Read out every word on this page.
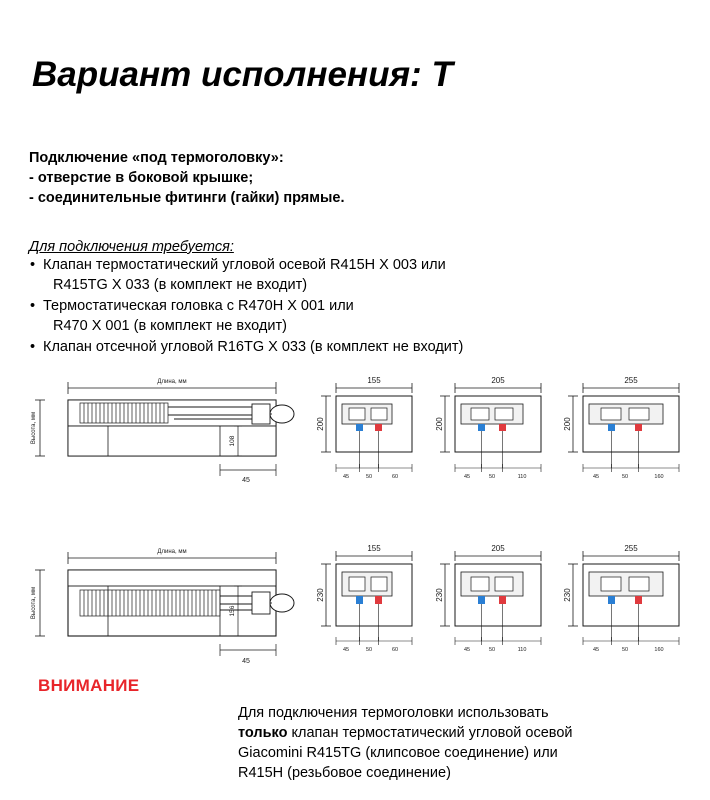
Вариант исполнения: Т
Подключение «под термоголовку»:
- отверстие в боковой крышке;
- соединительные фитинги (гайки) прямые.
Для подключения требуется:
• Клапан термостатический угловой осевой R415H Х 003 или
R415TG Х 033 (в комплект не входит)
• Термостатическая головка с R470H Х 001 или
R470 Х 001 (в комплект не входит)
• Клапан отсечной угловой R16TG Х 033 (в комплект не входит)
Длина, мм
Высота, мм	108
45
155
200
45	50	60
205
200
45	50	110
255
200
45	50	160
Длина, мм
Высота, мм	156
45
155
230
45	50	60
205
230
45	50	110
255
230
45	50	160
ВНИМАНИЕ
Для подключения термоголовки использовать
только клапан термостатический угловой осевой
Giacomini R415TG (клипсовое соединение) или
R415H (резьбовое соединение)
